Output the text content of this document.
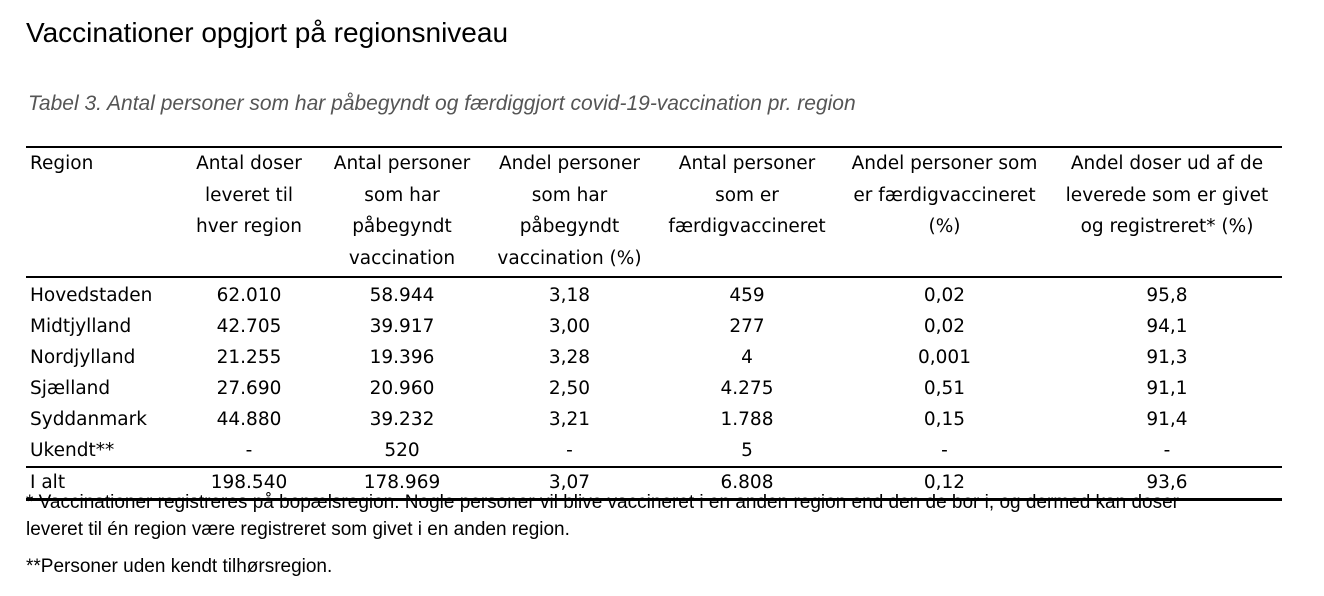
Vaccinationer opgjort på regionsniveau

Tabel 3. Antal personer som har påbegyndt og færdiggjort covid-19-vaccination pr. region

Region	Antal doser leveret til hver region	Antal personer som har påbegyndt vaccination	Andel personer som har påbegyndt vaccination (%)	Antal personer som er færdigvaccineret	Andel personer som er færdigvaccineret (%)	Andel doser ud af de leverede som er givet og registreret* (%)

Hovedstaden	62.010	58.944	3,18	459	0,02	95,8
Midtjylland	42.705	39.917	3,00	277	0,02	94,1
Nordjylland	21.255	19.396	3,28	4	0,001	91,3
Sjælland	27.690	20.960	2,50	4.275	0,51	91,1
Syddanmark	44.880	39.232	3,21	1.788	0,15	91,4
Ukendt**	-	520	-	5	-	-
I alt	198.540	178.969	3,07	6.808	0,12	93,6

* Vaccinationer registreres på bopælsregion. Nogle personer vil blive vaccineret i en anden region end den de bor i, og dermed kan doser leveret til én region være registreret som givet i en anden region.

**Personer uden kendt tilhørsregion.
